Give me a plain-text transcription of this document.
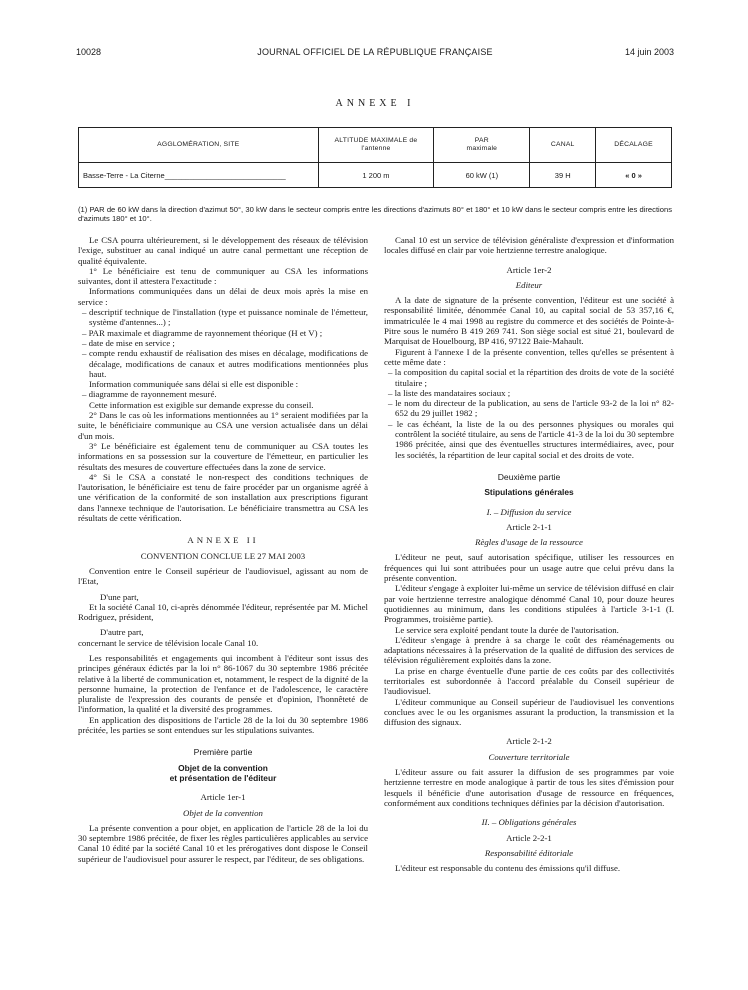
10028	JOURNAL OFFICIEL DE LA RÉPUBLIQUE FRANÇAISE	14 juin 2003
ANNEXE I
AGGLOMÉRATION, SITE	ALTITUDE MAXIMALE de l'antenne	PAR maximale	CANAL	DÉCALAGE
Basse-Terre - La Citerne_____________________________	1 200 m	60 kW (1)	39 H	« 0 »
(1) PAR de 60 kW dans la direction d'azimut 50°, 30 kW dans le secteur compris entre les directions d'azimuts 80° et 180° et 10 kW dans le secteur compris entre les directions d'azimuts 180° et 10°.

Le CSA pourra ultérieurement, si le développement des réseaux de télévision l'exige, substituer au canal indiqué un autre canal permettant une réception de qualité équivalente.

1° Le bénéficiaire est tenu de communiquer au CSA les informations suivantes, dont il attestera l'exactitude :

Informations communiquées dans un délai de deux mois après la mise en service :

– descriptif technique de l'installation (type et puissance nominale de l'émetteur, système d'antennes...) ;
– PAR maximale et diagramme de rayonnement théorique (H et V) ;
– date de mise en service ;
– compte rendu exhaustif de réalisation des mises en décalage, modifications de décalage, modifications de canaux et autres modifications mentionnées plus haut.

Information communiquée sans délai si elle est disponible :

– diagramme de rayonnement mesuré.

Cette information est exigible sur demande expresse du conseil.

2° Dans le cas où les informations mentionnées au 1° seraient modifiées par la suite, le bénéficiaire communique au CSA une version actualisée dans un délai d'un mois.

3° Le bénéficiaire est également tenu de communiquer au CSA toutes les informations en sa possession sur la couverture de l'émetteur, en particulier les résultats des mesures de couverture effectuées dans la zone de service.

4° Si le CSA a constaté le non-respect des conditions techniques de l'autorisation, le bénéficiaire est tenu de faire procéder par un organisme agréé à une vérification de la conformité de son installation aux prescriptions figurant dans l'annexe technique de l'autorisation. Le bénéficiaire transmettra au CSA les résultats de cette vérification.

ANNEXE II

CONVENTION CONCLUE LE 27 MAI 2003

Convention entre le Conseil supérieur de l'audiovisuel, agissant au nom de l'Etat,

D'une part,

Et la société Canal 10, ci-après dénommée l'éditeur, représentée par M. Michel Rodriguez, président,

D'autre part,

concernant le service de télévision locale Canal 10.

Les responsabilités et engagements qui incombent à l'éditeur sont issus des principes généraux édictés par la loi n° 86-1067 du 30 septembre 1986 précitée relative à la liberté de communication et, notamment, le respect de la dignité de la personne humaine, la protection de l'enfance et de l'adolescence, le caractère pluraliste de l'expression des courants de pensée et d'opinion, l'honnêteté de l'information, la qualité et la diversité des programmes.

En application des dispositions de l'article 28 de la loi du 30 septembre 1986 précitée, les parties se sont entendues sur les stipulations suivantes.

Première partie

Objet de la convention

et présentation de l'éditeur

Article 1er-1

Objet de la convention

La présente convention a pour objet, en application de l'article 28 de la loi du 30 septembre 1986 précitée, de fixer les règles particulières applicables au service Canal 10 édité par la société Canal 10 et les prérogatives dont dispose le Conseil supérieur de l'audiovisuel pour assurer le respect, par l'éditeur, de ses obligations.

Canal 10 est un service de télévision généraliste d'expression et d'information locales diffusé en clair par voie hertzienne terrestre analogique.

Article 1er-2

Editeur

A la date de signature de la présente convention, l'éditeur est une société à responsabilité limitée, dénommée Canal 10, au capital social de 53 357,16 €, immatriculée le 4 mai 1998 au registre du commerce et des sociétés de Pointe-à-Pitre sous le numéro B 419 269 741. Son siège social est situé 21, boulevard de Marquisat de Houelbourg, BP 416, 97122 Baie-Mahault.

Figurent à l'annexe I de la présente convention, telles qu'elles se présentent à cette même date :

– la composition du capital social et la répartition des droits de vote de la société titulaire ;
– la liste des mandataires sociaux ;
– le nom du directeur de la publication, au sens de l'article 93-2 de la loi n° 82-652 du 29 juillet 1982 ;
– le cas échéant, la liste de la ou des personnes physiques ou morales qui contrôlent la société titulaire, au sens de l'article 41-3 de la loi du 30 septembre 1986 précitée, ainsi que des éventuelles structures intermédiaires, avec, pour les sociétés, la répartition de leur capital social et des droits de vote.

Deuxième partie

Stipulations générales

I. – Diffusion du service

Article 2-1-1

Règles d'usage de la ressource

L'éditeur ne peut, sauf autorisation spécifique, utiliser les ressources en fréquences qui lui sont attribuées pour un usage autre que celui prévu dans la présente convention.

L'éditeur s'engage à exploiter lui-même un service de télévision diffusé en clair par voie hertzienne terrestre analogique dénommé Canal 10, pour douze heures quotidiennes au minimum, dans les conditions stipulées à l'article 3-1-1 (I. Programmes, troisième partie).

Le service sera exploité pendant toute la durée de l'autorisation.

L'éditeur s'engage à prendre à sa charge le coût des réaménagements ou adaptations nécessaires à la préservation de la qualité de diffusion des services de télévision régulièrement exploités dans la zone.

La prise en charge éventuelle d'une partie de ces coûts par des collectivités territoriales est subordonnée à l'accord préalable du Conseil supérieur de l'audiovisuel.

L'éditeur communique au Conseil supérieur de l'audiovisuel les conventions conclues avec le ou les organismes assurant la production, la transmission et la diffusion des signaux.

Article 2-1-2

Couverture territoriale

L'éditeur assure ou fait assurer la diffusion de ses programmes par voie hertzienne terrestre en mode analogique à partir de tous les sites d'émission pour lesquels il bénéficie d'une autorisation d'usage de ressource en fréquences, conformément aux conditions techniques définies par la décision d'autorisation.

II. – Obligations générales

Article 2-2-1

Responsabilité éditoriale

L'éditeur est responsable du contenu des émissions qu'il diffuse.
